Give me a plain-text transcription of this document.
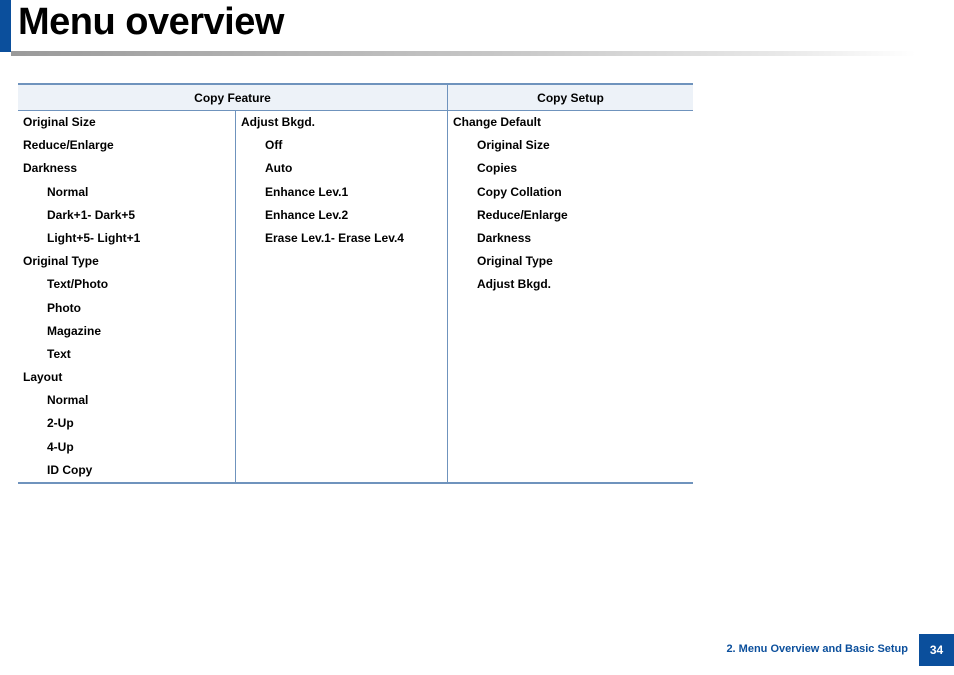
Menu overview
Copy Feature	Copy Setup
Original Size
Reduce/Enlarge
Darkness
Normal
Dark+1- Dark+5
Light+5- Light+1
Original Type
Text/Photo
Photo
Magazine
Text
Layout
Normal
2-Up
4-Up
ID Copy
Adjust Bkgd.
Off
Auto
Enhance Lev.1
Enhance Lev.2
Erase Lev.1- Erase Lev.4
Change Default
Original Size
Copies
Copy Collation
Reduce/Enlarge
Darkness
Original Type
Adjust Bkgd.
2. Menu Overview and Basic Setup	34
